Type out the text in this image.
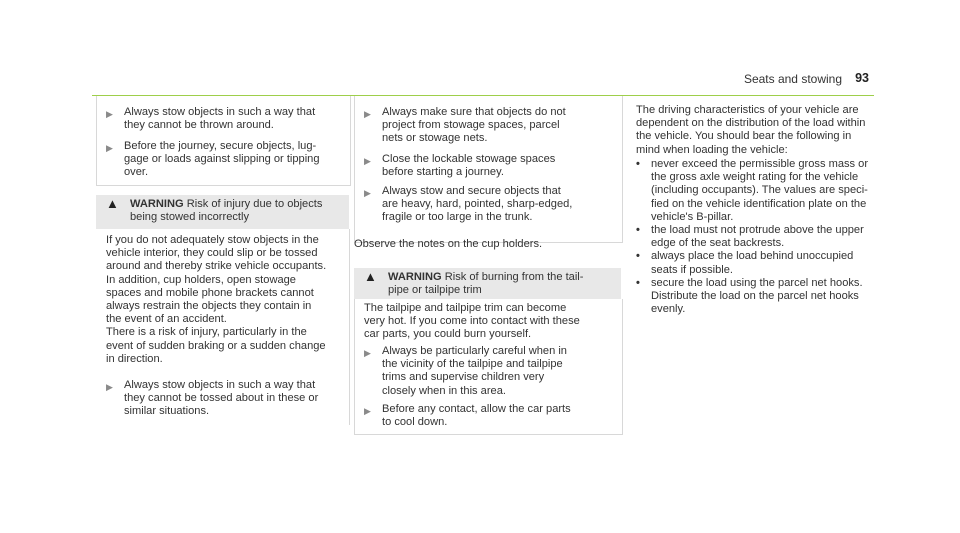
Seats and stowing 93
▶ Always stow objects in such a way that
they cannot be thrown around.
▶ Before the journey, secure objects, lug-
gage or loads against slipping or tipping
over.
▲	WARNING Risk of injury due to objects
being stowed incorrectly
If you do not adequately stow objects in the
vehicle interior, they could slip or be tossed
around and thereby strike vehicle occupants.
In addition, cup holders, open stowage
spaces and mobile phone brackets cannot
always restrain the objects they contain in
the event of an accident.
There is a risk of injury, particularly in the
event of sudden braking or a sudden change
in direction.
▶ Always stow objects in such a way that
they cannot be tossed about in these or
similar situations.
▶ Always make sure that objects do not
project from stowage spaces, parcel
nets or stowage nets.
▶ Close the lockable stowage spaces
before starting a journey.
▶ Always stow and secure objects that
are heavy, hard, pointed, sharp-edged,
fragile or too large in the trunk.
Observe the notes on the cup holders.
▲	WARNING Risk of burning from the tail-
pipe or tailpipe trim
The tailpipe and tailpipe trim can become
very hot. If you come into contact with these
car parts, you could burn yourself.
▶ Always be particularly careful when in
the vicinity of the tailpipe and tailpipe
trims and supervise children very
closely when in this area.
▶ Before any contact, allow the car parts
to cool down.
The driving characteristics of your vehicle are
dependent on the distribution of the load within
the vehicle. You should bear the following in
mind when loading the vehicle:
•	never exceed the permissible gross mass or
the gross axle weight rating for the vehicle
(including occupants). The values are speci-
fied on the vehicle identification plate on the
vehicle's B-pillar.
•	the load must not protrude above the upper
edge of the seat backrests.
•	always place the load behind unoccupied
seats if possible.
•	secure the load using the parcel net hooks.
Distribute the load on the parcel net hooks
evenly.
